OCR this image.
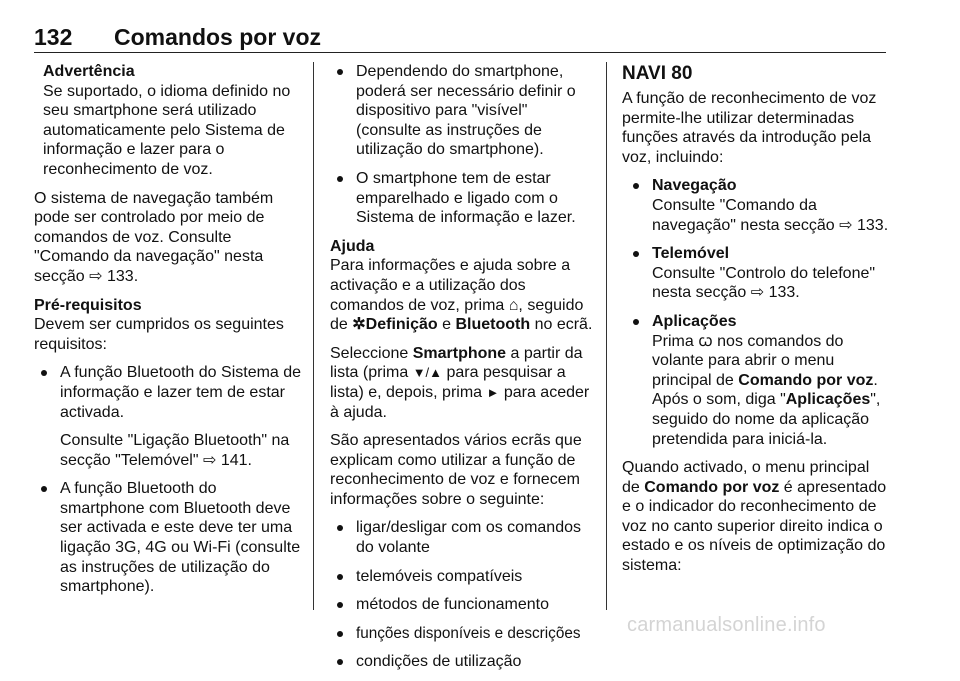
132 Comandos por voz
Advertência
Se suportado, o idioma definido no seu smartphone será utilizado automaticamente pelo Sistema de informação e lazer para o reconhecimento de voz.

O sistema de navegação também pode ser controlado por meio de comandos de voz. Consulte "Comando da navegação" nesta secção ⇨ 133.

Pré-requisitos

Devem ser cumpridos os seguintes requisitos:

A função Bluetooth do Sistema de informação e lazer tem de estar activada.

Consulte "Ligação Bluetooth" na secção "Telemóvel" ⇨ 141.

A função Bluetooth do smartphone com Bluetooth deve ser activada e este deve ter uma ligação 3G, 4G ou Wi-Fi (consulte as instruções de utilização do smartphone).

Dependendo do smartphone, poderá ser necessário definir o dispositivo para "visível" (consulte as instruções de utilização do smartphone).

O smartphone tem de estar emparelhado e ligado com o Sistema de informação e lazer.

Ajuda

Para informações e ajuda sobre a activação e a utilização dos comandos de voz, prima ⌂, seguido de ✲Definição e Bluetooth no ecrã.

Seleccione Smartphone a partir da lista (prima ▼/▲ para pesquisar a lista) e, depois, prima ► para aceder à ajuda.

São apresentados vários ecrãs que explicam como utilizar a função de reconhecimento de voz e fornecem informações sobre o seguinte:

ligar/desligar com os comandos do volante
telemóveis compatíveis
métodos de funcionamento
funções disponíveis e descrições
condições de utilização
NAVI 80

A função de reconhecimento de voz permite-lhe utilizar determinadas funções através da introdução pela voz, incluindo:

Navegação

Consulte "Comando da navegação" nesta secção ⇨ 133.

Telemóvel

Consulte "Controlo do telefone" nesta secção ⇨ 133.

Aplicações

Prima ꞷ nos comandos do volante para abrir o menu principal de Comando por voz. Após o som, diga "Aplicações", seguido do nome da aplicação pretendida para iniciá-la.

Quando activado, o menu principal de Comando por voz é apresentado e o indicador do reconhecimento de voz no canto superior direito indica o estado e os níveis de optimização do sistema:

carmanualsonline.info
